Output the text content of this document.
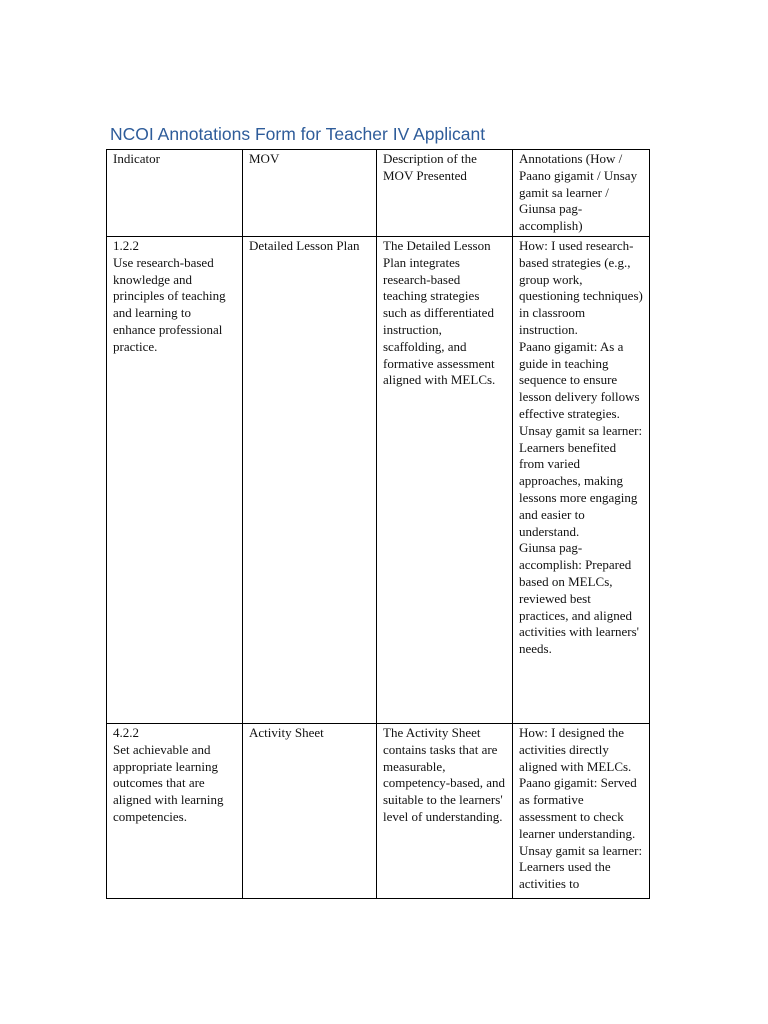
NCOI Annotations Form for Teacher IV Applicant
Indicator	MOV	Description of the MOV Presented	Annotations (How / Paano gigamit / Unsay gamit sa learner / Giunsa pag-accomplish)

1.2.2
Use research-based knowledge and principles of teaching and learning to enhance professional practice.	Detailed Lesson Plan	The Detailed Lesson Plan integrates research-based teaching strategies such as differentiated instruction, scaffolding, and formative assessment aligned with MELCs.	How: I used research-based strategies (e.g., group work, questioning techniques) in classroom instruction.
Paano gigamit: As a guide in teaching sequence to ensure lesson delivery follows effective strategies.
Unsay gamit sa learner: Learners benefited from varied approaches, making lessons more engaging and easier to understand.
Giunsa pag-accomplish: Prepared based on MELCs, reviewed best practices, and aligned activities with learners' needs.

4.2.2
Set achievable and appropriate learning outcomes that are aligned with learning competencies.	Activity Sheet	The Activity Sheet contains tasks that are measurable, competency-based, and suitable to the learners' level of understanding.	How: I designed the activities directly aligned with MELCs.
Paano gigamit: Served as formative assessment to check learner understanding.
Unsay gamit sa learner: Learners used the activities to
